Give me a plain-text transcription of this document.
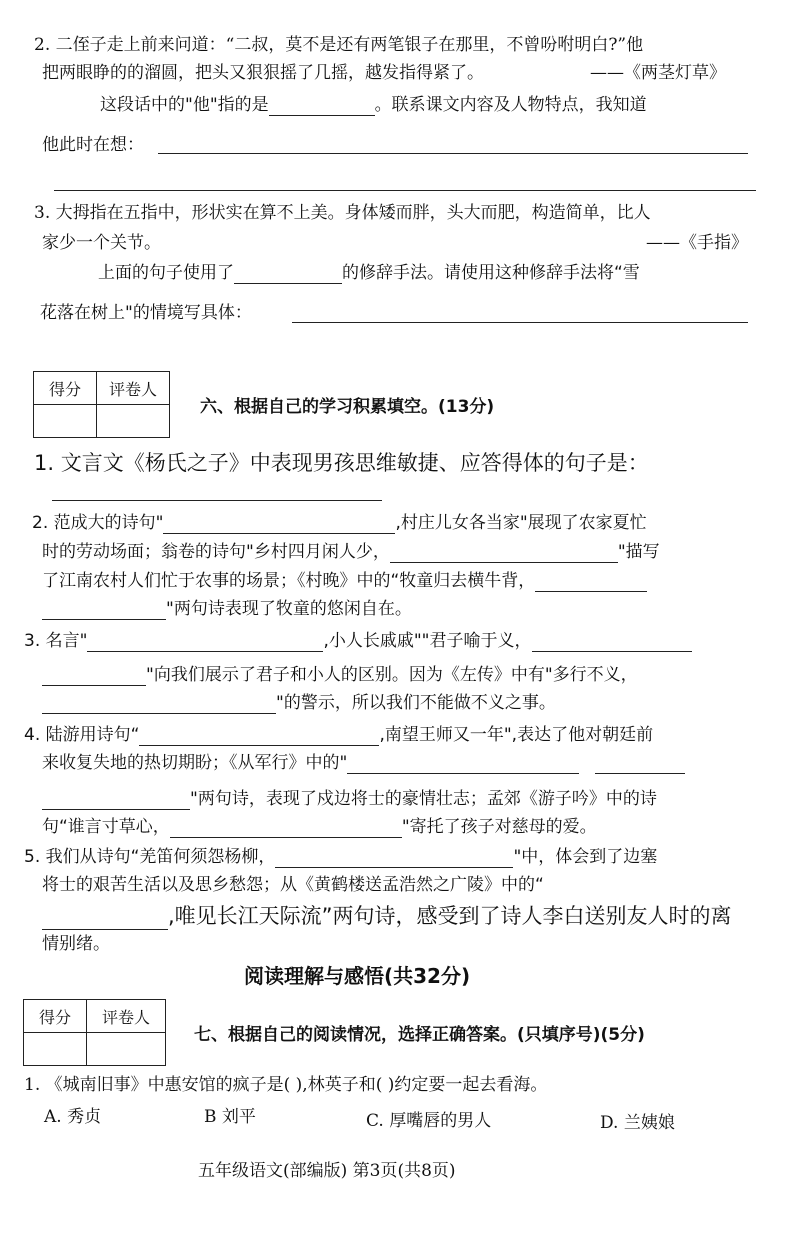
2. 二侄子走上前来问道：“二叔，莫不是还有两笔银子在那里，不曾吩咐明白?”他
把两眼睁的的溜圆，把头又狠狠摇了几摇，越发指得紧了。	——《两茎灯草》
这段话中的"他"指的是	。联系课文内容及人物特点，我知道
他此时在想：
3. 大拇指在五指中，形状实在算不上美。身体矮而胖，头大而肥，构造简单，比人
家少一个关节。	——《手指》
上面的句子使用了	的修辞手法。请使用这种修辞手法将“雪
花落在树上"的情境写具体：
得分	评卷人

六、根据自己的学习积累填空。(13分)
1. 文言文《杨氏之子》中表现男孩思维敏捷、应答得体的句子是：
2. 范成大的诗句"	,村庄儿女各当家"展现了农家夏忙
时的劳动场面；翁卷的诗句"乡村四月闲人少，	"描写
了江南农村人们忙于农事的场景；《村晚》中的“牧童归去横牛背，
"两句诗表现了牧童的悠闲自在。
3. 名言"	,小人长戚戚""君子喻于义，
"向我们展示了君子和小人的区别。因为《左传》中有"多行不义，
"的警示，所以我们不能做不义之事。
4. 陆游用诗句“	,南望王师又一年",表达了他对朝廷前
来收复失地的热切期盼；《从军行》中的"
"两句诗，表现了戍边将士的豪情壮志；孟郊《游子吟》中的诗
句“谁言寸草心，	"寄托了孩子对慈母的爱。
5. 我们从诗句“羌笛何须怨杨柳，	"中，体会到了边塞
将士的艰苦生活以及思乡愁怨；从《黄鹤楼送孟浩然之广陵》中的“
,唯见长江天际流”两句诗，感受到了诗人李白送别友人时的离
情别绪。
阅读理解与感悟(共32分)
得分	评卷人

七、根据自己的阅读情况，选择正确答案。(只填序号)(5分)
1. 《城南旧事》中惠安馆的疯子是( ),林英子和( )约定要一起去看海。
A. 秀贞	B 刘平	C. 厚嘴唇的男人	D. 兰姨娘
五年级语文(部编版) 第3页(共8页)
